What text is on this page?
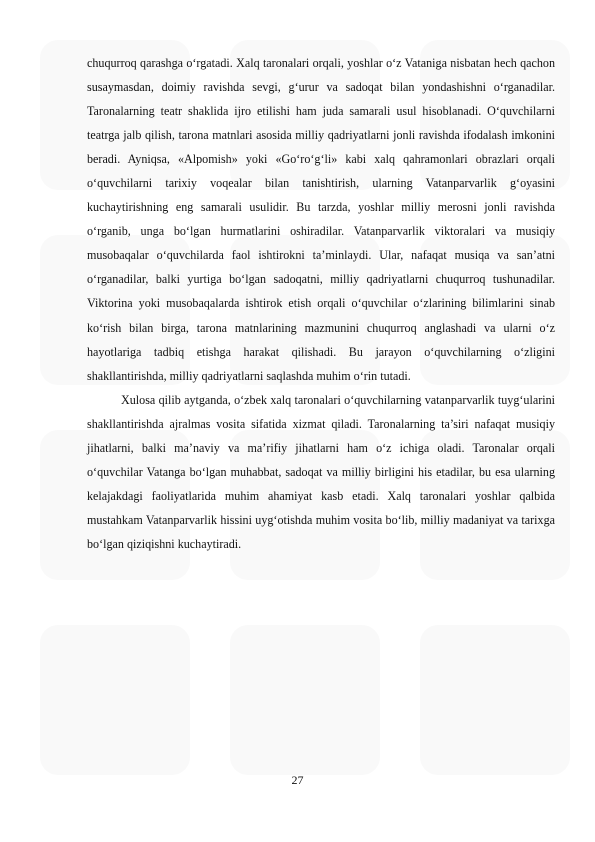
chuqurroq qarashga o‘rgatadi. Xalq taronalari orqali, yoshlar o‘z Vataniga nisbatan hech qachon susaymasdan, doimiy ravishda sevgi, g‘urur va sadoqat bilan yondashishni o‘rganadilar. Taronalarning teatr shaklida ijro etilishi ham juda samarali usul hisoblanadi. O‘quvchilarni teatrga jalb qilish, tarona matnlari asosida milliy qadriyatlarni jonli ravishda ifodalash imkonini beradi. Ayniqsa, «Alpomish» yoki «Go‘ro‘g‘li» kabi xalq qahramonlari obrazlari orqali o‘quvchilarni tarixiy voqealar bilan tanishtirish, ularning Vatanparvarlik g‘oyasini kuchaytirishning eng samarali usulidir. Bu tarzda, yoshlar milliy merosni jonli ravishda o‘rganib, unga bo‘lgan hurmatlarini oshiradilar. Vatanparvarlik viktoralari va musiqiy musobaqalar o‘quvchilarda faol ishtirokni ta’minlaydi. Ular, nafaqat musiqa va san’atni o‘rganadilar, balki yurtiga bo‘lgan sadoqatni, milliy qadriyatlarni chuqurroq tushunadilar. Viktorina yoki musobaqalarda ishtirok etish orqali o‘quvchilar o‘zlarining bilimlarini sinab ko‘rish bilan birga, tarona matnlarining mazmunini chuqurroq anglashadi va ularni o‘z hayotlariga tadbiq etishga harakat qilishadi. Bu jarayon o‘quvchilarning o‘zligini shakllantirishda, milliy qadriyatlarni saqlashda muhim o‘rin tutadi.

Xulosa qilib aytganda, o‘zbek xalq taronalari o‘quvchilarning vatanparvarlik tuyg‘ularini shakllantirishda ajralmas vosita sifatida xizmat qiladi. Taronalarning ta’siri nafaqat musiqiy jihatlarni, balki ma’naviy va ma’rifiy jihatlarni ham o‘z ichiga oladi. Taronalar orqali o‘quvchilar Vatanga bo‘lgan muhabbat, sadoqat va milliy birligini his etadilar, bu esa ularning kelajakdagi faoliyatlarida muhim ahamiyat kasb etadi. Xalq taronalari yoshlar qalbida mustahkam Vatanparvarlik hissini uyg‘otishda muhim vosita bo‘lib, milliy madaniyat va tarixga bo‘lgan qiziqishni kuchaytiradi.

27
